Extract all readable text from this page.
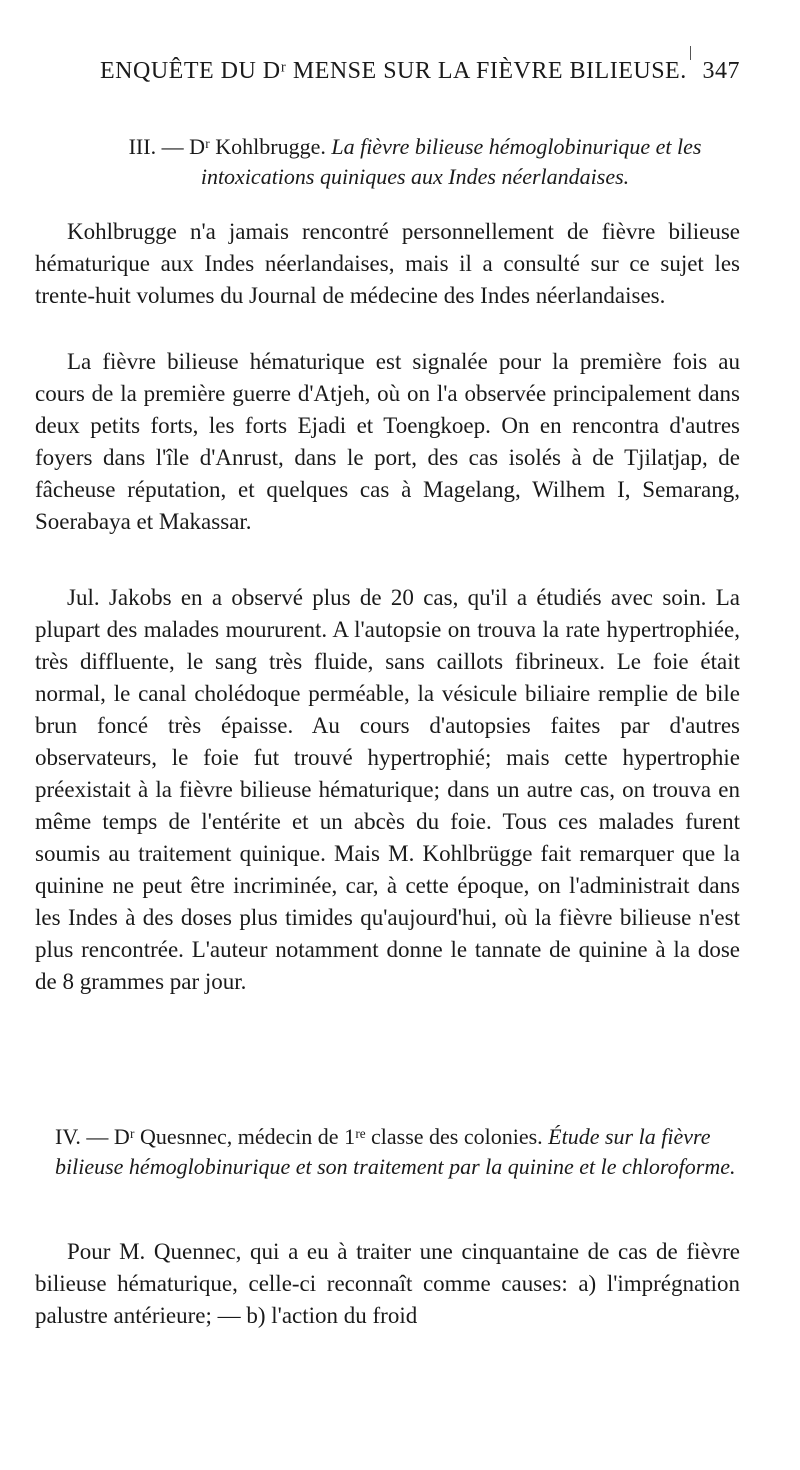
ENQUÊTE DU Dʳ MENSE SUR LA FIÈVRE BILIEUSE. 347
III. — Dʳ Kohlbrugge. La fièvre bilieuse hémoglobinurique et les intoxications quiniques aux Indes néerlandaises.

Kohlbrugge n'a jamais rencontré personnellement de fièvre bilieuse hématurique aux Indes néerlandaises, mais il a consulté sur ce sujet les trente-huit volumes du Journal de médecine des Indes néerlandaises.

La fièvre bilieuse hématurique est signalée pour la première fois au cours de la première guerre d'Atjeh, où on l'a observée principalement dans deux petits forts, les forts Ejadi et Toengkoep. On en rencontra d'autres foyers dans l'île d'Anrust, dans le port, des cas isolés à de Tjilatjap, de fâcheuse réputation, et quelques cas à Magelang, Wilhem I, Semarang, Soerabaya et Makassar.

Jul. Jakobs en a observé plus de 20 cas, qu'il a étudiés avec soin. La plupart des malades moururent. A l'autopsie on trouva la rate hypertrophiée, très diffluente, le sang très fluide, sans caillots fibrineux. Le foie était normal, le canal cholédoque perméable, la vésicule biliaire remplie de bile brun foncé très épaisse. Au cours d'autopsies faites par d'autres observateurs, le foie fut trouvé hypertrophié; mais cette hypertrophie préexistait à la fièvre bilieuse hématurique; dans un autre cas, on trouva en même temps de l'entérite et un abcès du foie. Tous ces malades furent soumis au traitement quinique. Mais M. Kohlbrügge fait remarquer que la quinine ne peut être incriminée, car, à cette époque, on l'administrait dans les Indes à des doses plus timides qu'aujourd'hui, où la fièvre bilieuse n'est plus rencontrée. L'auteur notamment donne le tannate de quinine à la dose de 8 grammes par jour.

IV. — Dʳ Quesnnec, médecin de 1ʳᵉ classe des colonies. Étude sur la fièvre bilieuse hémoglobinurique et son traitement par la quinine et le chloroforme.

Pour M. Quennec, qui a eu à traiter une cinquantaine de cas de fièvre bilieuse hématurique, celle-ci reconnaît comme causes: a) l'imprégnation palustre antérieure; — b) l'action du froid
